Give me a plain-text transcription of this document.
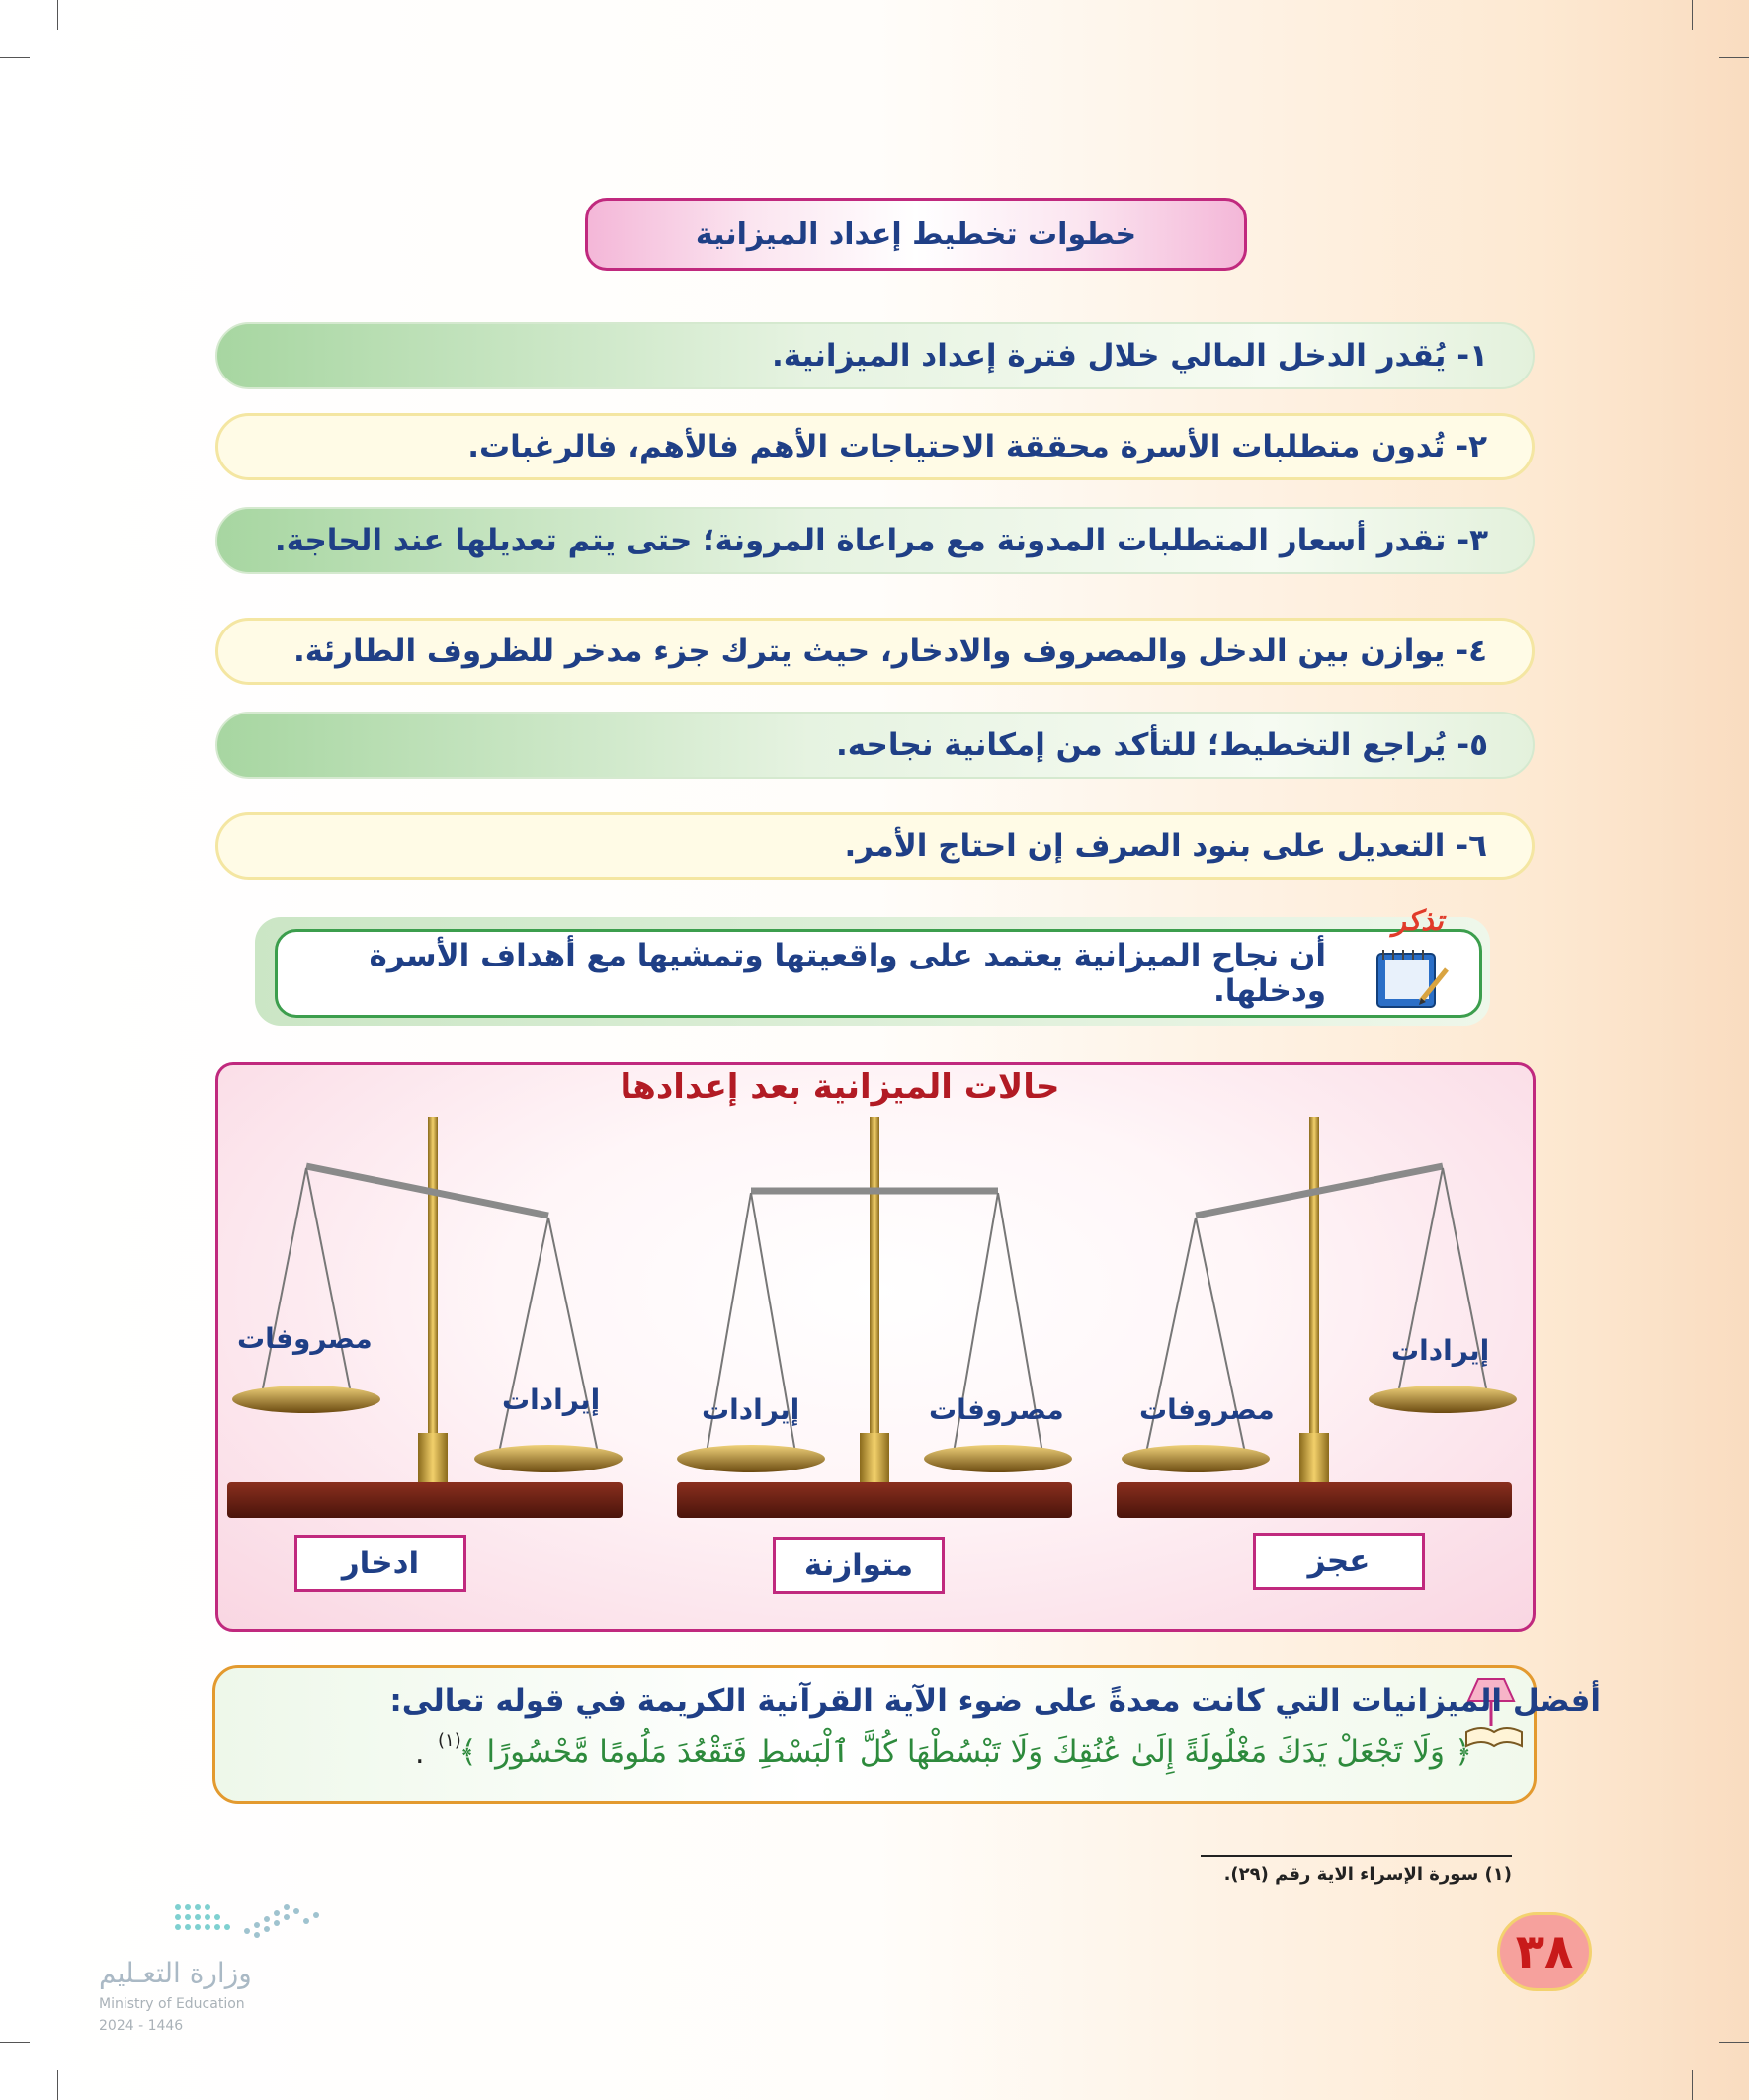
خطوات تخطيط إعداد الميزانية
١- يُقدر الدخل المالي خلال فترة إعداد الميزانية.
٢- تُدون متطلبات الأسرة محققة الاحتياجات الأهم فالأهم، فالرغبات.
٣- تقدر أسعار المتطلبات المدونة مع مراعاة المرونة؛ حتى يتم تعديلها عند الحاجة.
٤- يوازن بين الدخل والمصروف والادخار، حيث يترك جزء مدخر للظروف الطارئة.
٥- يُراجع التخطيط؛ للتأكد من إمكانية نجاحه.
٦- التعديل على بنود الصرف إن احتاج الأمر.
أن نجاح الميزانية يعتمد على واقعيتها وتمشيها مع أهداف الأسرة ودخلها.
تذكر
حالات الميزانية بعد إعدادها
مصروفات
إيرادات	إيرادات	مصروفات	مصروفات
إيرادات
ادخار	متوازنة	عجز
أفضل الميزانيات التي كانت معدةً على ضوء الآية القرآنية الكريمة في قوله تعالى:
﴿ وَلَا تَجْعَلْ يَدَكَ مَغْلُولَةً إِلَىٰ عُنُقِكَ وَلَا تَبْسُطْهَا كُلَّ ٱلْبَسْطِ فَتَقْعُدَ مَلُومًا مَّحْسُورًا ﴾
(١)
.
(١) سورة الإسراء الاية رقم (٢٩).
٣٨
وزارة التعـليم
Ministry of Education
2024 - 1446
